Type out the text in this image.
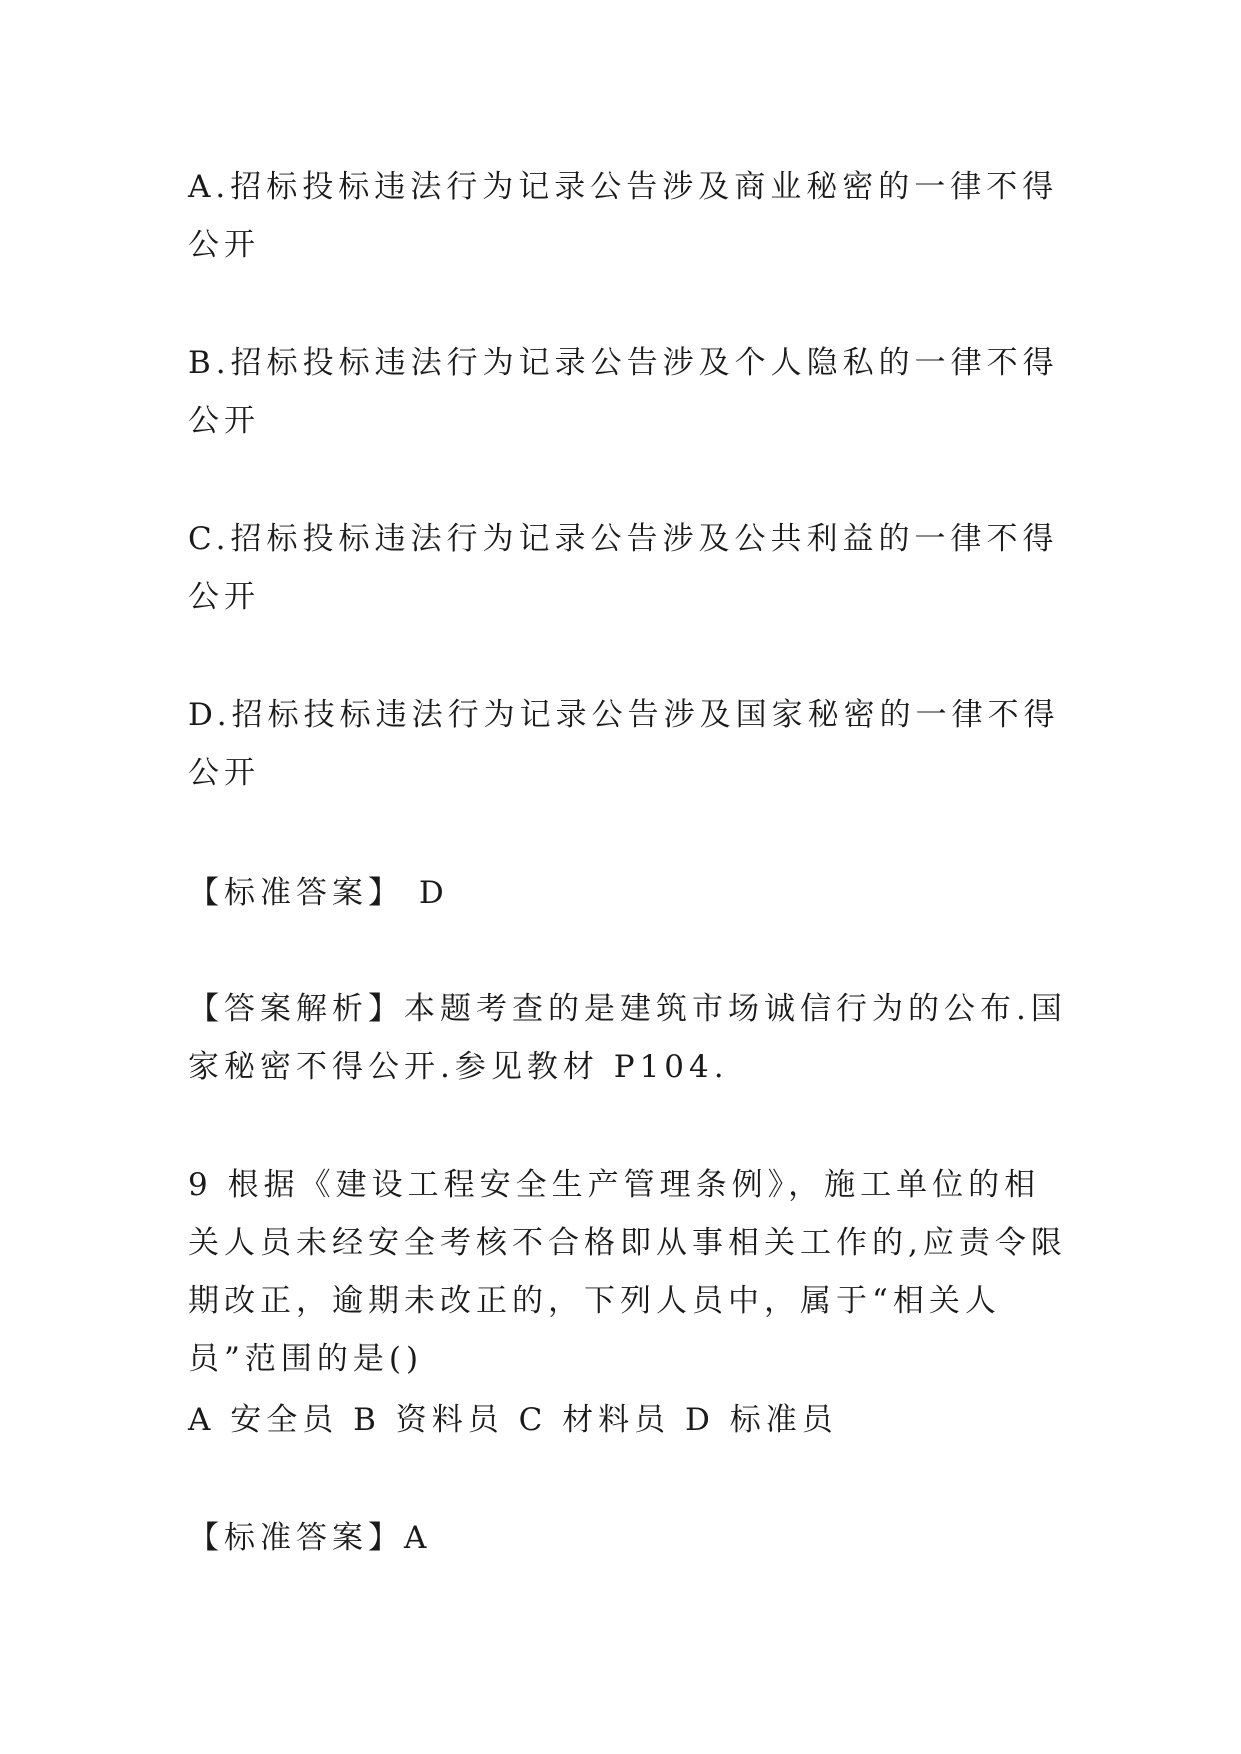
A.招标投标违法行为记录公告涉及商业秘密的一律不得公开
B.招标投标违法行为记录公告涉及个人隐私的一律不得公开
C.招标投标违法行为记录公告涉及公共利益的一律不得公开
D.招标技标违法行为记录公告涉及国家秘密的一律不得公开
【标准答案】 D
【答案解析】本题考查的是建筑市场诚信行为的公布.国家秘密不得公开.参见教材 P104.
9 根据《建设工程安全生产管理条例》，施工单位的相关人员未经安全考核不合格即从事相关工作的,应责令限期改正，逾期未改正的，下列人员中，属于“相关人员”范围的是()
A 安全员 B 资料员 C 材料员 D 标准员
【标准答案】A
